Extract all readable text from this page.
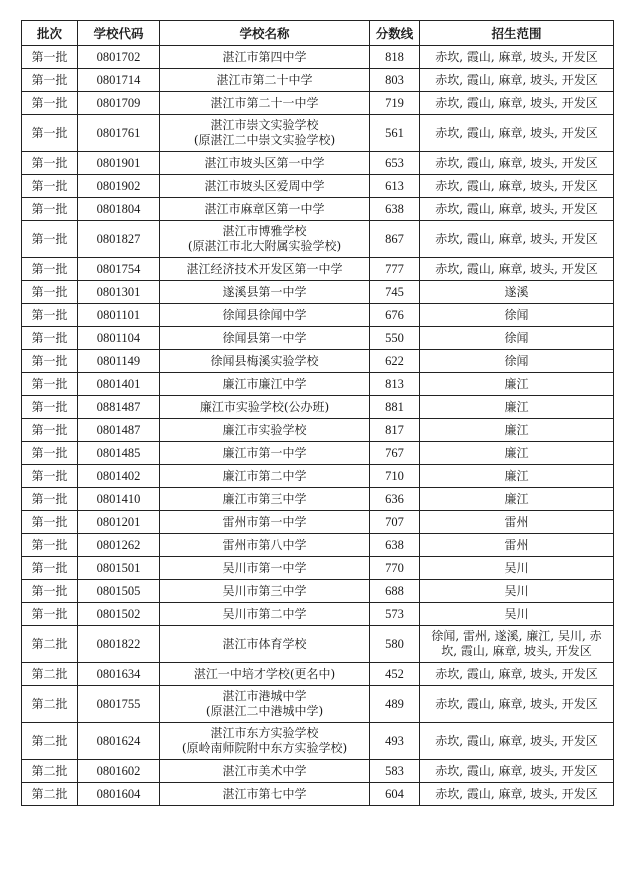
批次	学校代码	学校名称	分数线	招生范围
第一批	0801702	湛江市第四中学	818	赤坎, 霞山, 麻章, 坡头, 开发区

第一批	0801714	湛江市第二十中学	803	赤坎, 霞山, 麻章, 坡头, 开发区

第一批	0801709	湛江市第二十一中学	719	赤坎, 霞山, 麻章, 坡头, 开发区

第一批	0801761	湛江市崇文实验学校
(原湛江二中崇文实验学校)	561	赤坎, 霞山, 麻章, 坡头, 开发区

第一批	0801901	湛江市坡头区第一中学	653	赤坎, 霞山, 麻章, 坡头, 开发区

第一批	0801902	湛江市坡头区爱周中学	613	赤坎, 霞山, 麻章, 坡头, 开发区

第一批	0801804	湛江市麻章区第一中学	638	赤坎, 霞山, 麻章, 坡头, 开发区

第一批	0801827	湛江市博雅学校
(原湛江市北大附属实验学校)	867	赤坎, 霞山, 麻章, 坡头, 开发区

第一批	0801754	湛江经济技术开发区第一中学	777	赤坎, 霞山, 麻章, 坡头, 开发区

第一批	0801301	遂溪县第一中学	745	遂溪

第一批	0801101	徐闻县徐闻中学	676	徐闻

第一批	0801104	徐闻县第一中学	550	徐闻

第一批	0801149	徐闻县梅溪实验学校	622	徐闻

第一批	0801401	廉江市廉江中学	813	廉江

第一批	0881487	廉江市实验学校(公办班)	881	廉江

第一批	0801487	廉江市实验学校	817	廉江

第一批	0801485	廉江市第一中学	767	廉江

第一批	0801402	廉江市第二中学	710	廉江

第一批	0801410	廉江市第三中学	636	廉江

第一批	0801201	雷州市第一中学	707	雷州

第一批	0801262	雷州市第八中学	638	雷州

第一批	0801501	吴川市第一中学	770	吴川

第一批	0801505	吴川市第三中学	688	吴川

第一批	0801502	吴川市第二中学	573	吴川

第二批	0801822	湛江市体育学校	580	徐闻, 雷州, 遂溪, 廉江, 吴川, 赤
坎, 霞山, 麻章, 坡头, 开发区

第二批	0801634	湛江一中培才学校(更名中)	452	赤坎, 霞山, 麻章, 坡头, 开发区

第二批	0801755	湛江市港城中学
(原湛江二中港城中学)	489	赤坎, 霞山, 麻章, 坡头, 开发区

第二批	0801624	湛江市东方实验学校
(原岭南师院附中东方实验学校)	493	赤坎, 霞山, 麻章, 坡头, 开发区

第二批	0801602	湛江市美术中学	583	赤坎, 霞山, 麻章, 坡头, 开发区

第二批	0801604	湛江市第七中学	604	赤坎, 霞山, 麻章, 坡头, 开发区
